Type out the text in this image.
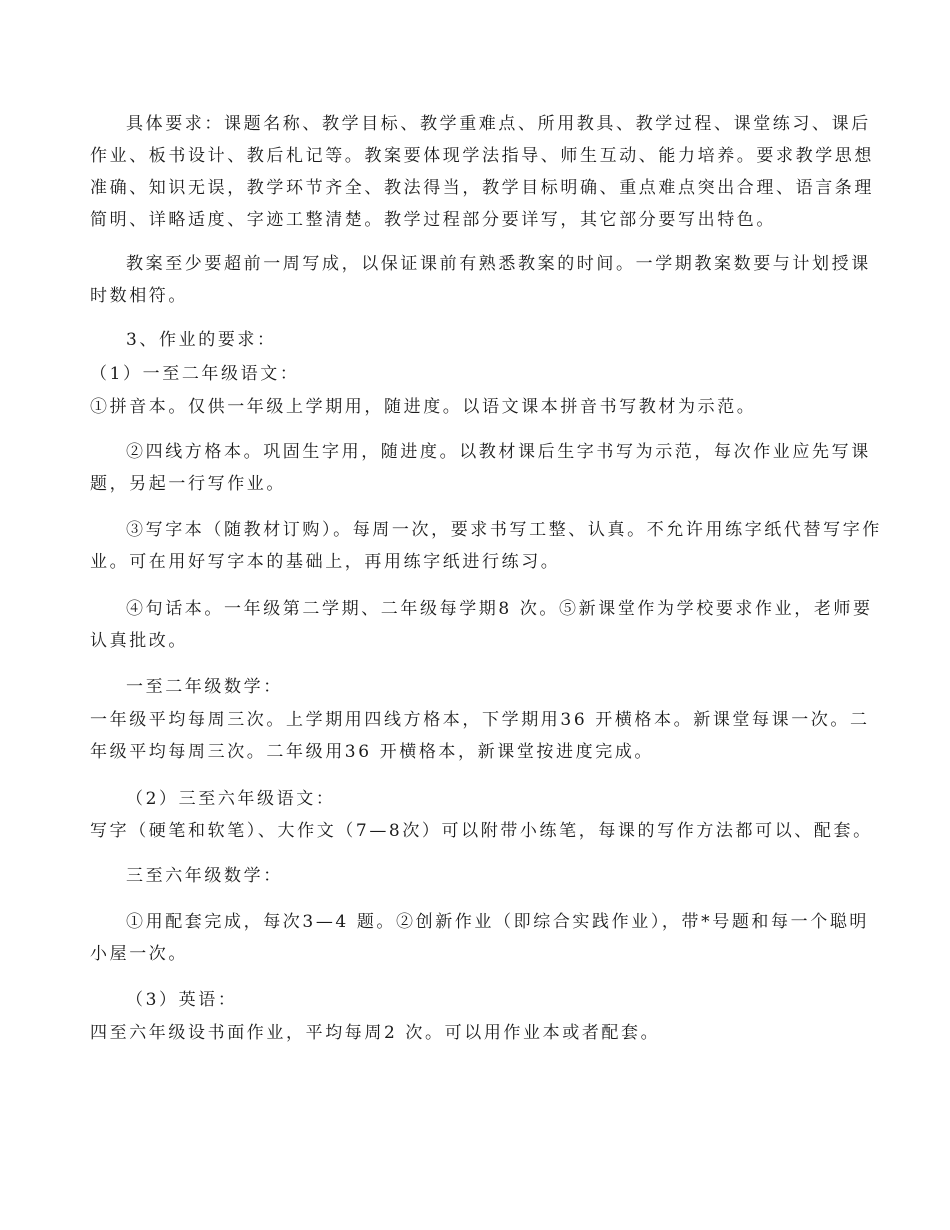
具体要求：课题名称、教学目标、教学重难点、所用教具、教学过程、课堂练习、课后作业、板书设计、教后札记等。教案要体现学法指导、师生互动、能力培养。要求教学思想准确、知识无误，教学环节齐全、教法得当，教学目标明确、重点难点突出合理、语言条理简明、详略适度、字迹工整清楚。教学过程部分要详写，其它部分要写出特色。

教案至少要超前一周写成，以保证课前有熟悉教案的时间。一学期教案数要与计划授课时数相符。

3、作业的要求：

（1）一至二年级语文：

①拼音本。仅供一年级上学期用，随进度。以语文课本拼音书写教材为示范。

②四线方格本。巩固生字用，随进度。以教材课后生字书写为示范，每次作业应先写课题，另起一行写作业。

③写字本（随教材订购）。每周一次，要求书写工整、认真。不允许用练字纸代替写字作业。可在用好写字本的基础上，再用练字纸进行练习。

④句话本。一年级第二学期、二年级每学期8 次。⑤新课堂作为学校要求作业，老师要认真批改。

一至二年级数学：

一年级平均每周三次。上学期用四线方格本，下学期用36 开横格本。新课堂每课一次。二年级平均每周三次。二年级用36 开横格本，新课堂按进度完成。

（2）三至六年级语文：

写字（硬笔和软笔）、大作文（7—8次）可以附带小练笔，每课的写作方法都可以、配套。

三至六年级数学：

①用配套完成，每次3—4 题。②创新作业（即综合实践作业），带*号题和每一个聪明小屋一次。

（3）英语：

四至六年级设书面作业，平均每周2 次。可以用作业本或者配套。
